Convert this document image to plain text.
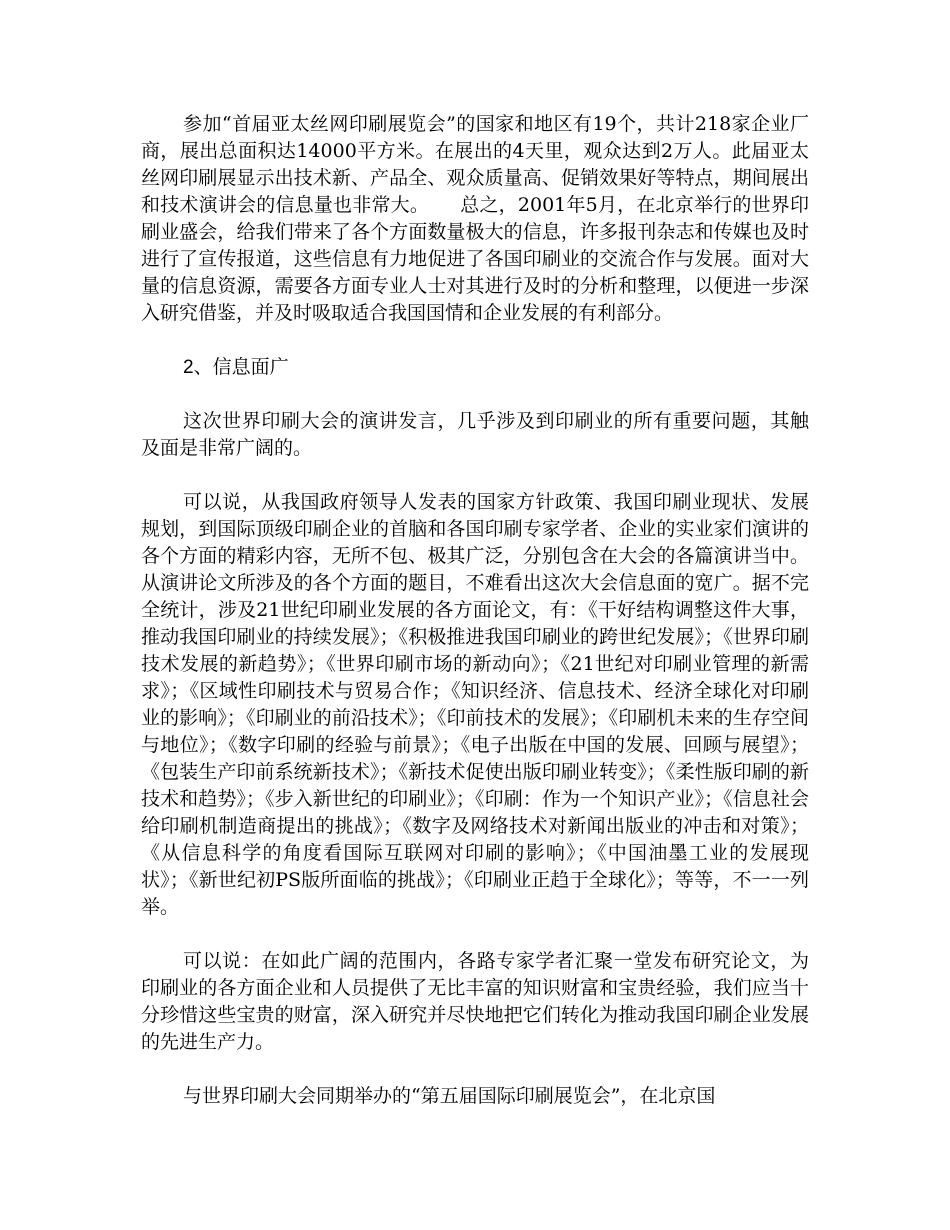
参加“首届亚太丝网印刷展览会”的国家和地区有19个，共计218家企业厂商，展出总面积达14000平方米。在展出的4天里，观众达到2万人。此届亚太丝网印刷展显示出技术新、产品全、观众质量高、促销效果好等特点，期间展出和技术演讲会的信息量也非常大。     总之，2001年5月，在北京举行的世界印刷业盛会，给我们带来了各个方面数量极大的信息，许多报刊杂志和传媒也及时进行了宣传报道，这些信息有力地促进了各国印刷业的交流合作与发展。面对大量的信息资源，需要各方面专业人士对其进行及时的分析和整理，以便进一步深入研究借鉴，并及时吸取适合我国国情和企业发展的有利部分。

2、信息面广

这次世界印刷大会的演讲发言，几乎涉及到印刷业的所有重要问题，其触及面是非常广阔的。

可以说，从我国政府领导人发表的国家方针政策、我国印刷业现状、发展规划，到国际顶级印刷企业的首脑和各国印刷专家学者、企业的实业家们演讲的各个方面的精彩内容，无所不包、极其广泛，分别包含在大会的各篇演讲当中。从演讲论文所涉及的各个方面的题目，不难看出这次大会信息面的宽广。据不完全统计，涉及21世纪印刷业发展的各方面论文，有：《干好结构调整这件大事，推动我国印刷业的持续发展》；《积极推进我国印刷业的跨世纪发展》；《世界印刷技术发展的新趋势》；《世界印刷市场的新动向》；《21世纪对印刷业管理的新需求》；《区域性印刷技术与贸易合作；《知识经济、信息技术、经济全球化对印刷业的影响》；《印刷业的前沿技术》；《印前技术的发展》；《印刷机未来的生存空间与地位》；《数字印刷的经验与前景》；《电子出版在中国的发展、回顾与展望》；《包装生产印前系统新技术》；《新技术促使出版印刷业转变》；《柔性版印刷的新技术和趋势》；《步入新世纪的印刷业》；《印刷：作为一个知识产业》；《信息社会给印刷机制造商提出的挑战》；《数字及网络技术对新闻出版业的冲击和对策》；《从信息科学的角度看国际互联网对印刷的影响》；《中国油墨工业的发展现状》；《新世纪初PS版所面临的挑战》；《印刷业正趋于全球化》；等等，不一一列举。

可以说：在如此广阔的范围内，各路专家学者汇聚一堂发布研究论文，为印刷业的各方面企业和人员提供了无比丰富的知识财富和宝贵经验，我们应当十分珍惜这些宝贵的财富，深入研究并尽快地把它们转化为推动我国印刷企业发展的先进生产力。

与世界印刷大会同期举办的“第五届国际印刷展览会”，在北京国
